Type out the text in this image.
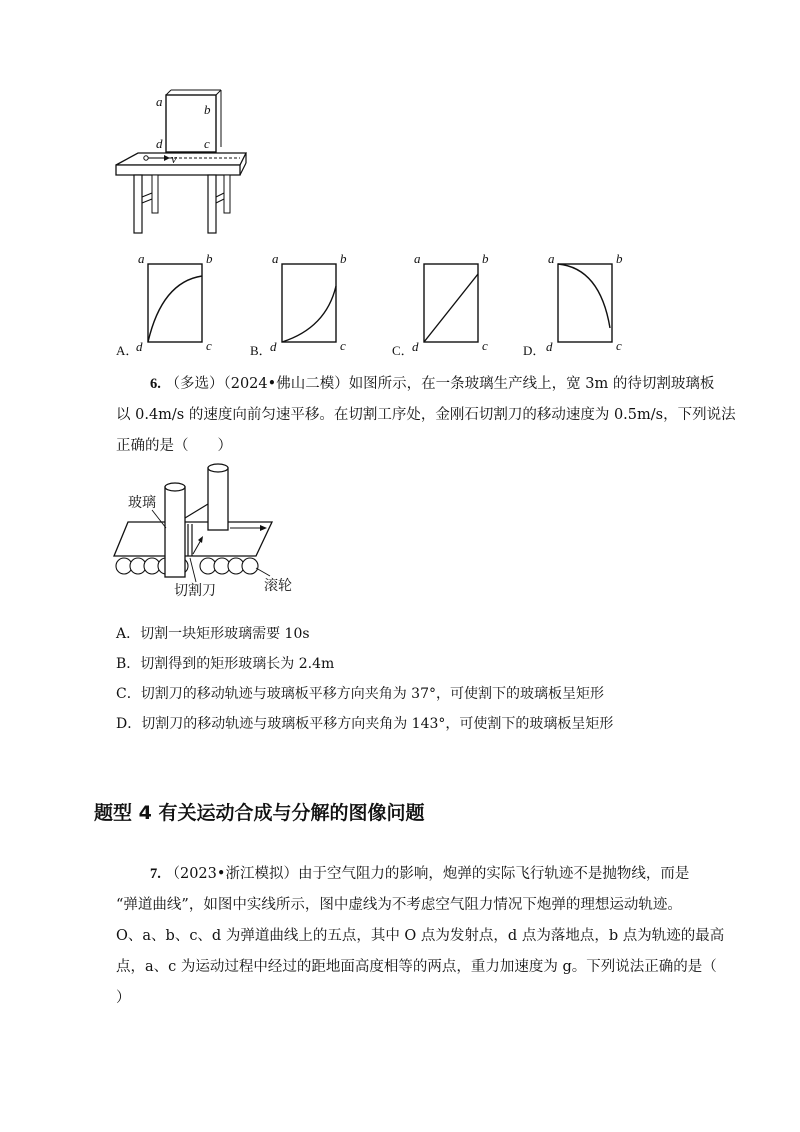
a
b
d	c
v
A．
a	b
c
d	B．
a	b
c
d	C．
a	b
c
d	D．
a	b
c
d
6. （多选）（2024•佛山二模）如图所示，在一条玻璃生产线上，宽 3m 的待切割玻璃板
以 0.4m/s 的速度向前匀速平移。在切割工序处，金刚石切割刀的移动速度为 0.5m/s，下列说法
正确的是（　　）
玻璃
切割刀	滚轮
A．切割一块矩形玻璃需要 10s
B．切割得到的矩形玻璃长为 2.4m
C．切割刀的移动轨迹与玻璃板平移方向夹角为 37°，可使割下的玻璃板呈矩形
D．切割刀的移动轨迹与玻璃板平移方向夹角为 143°，可使割下的玻璃板呈矩形
题型 4 有关运动合成与分解的图像问题
7. （2023•浙江模拟）由于空气阻力的影响，炮弹的实际飞行轨迹不是抛物线，而是
“弹道曲线”，如图中实线所示，图中虚线为不考虑空气阻力情况下炮弹的理想运动轨迹。
O、a、b、c、d 为弹道曲线上的五点，其中 O 点为发射点，d 点为落地点，b 点为轨迹的最高
点，a、c 为运动过程中经过的距地面高度相等的两点，重力加速度为 g。下列说法正确的是（
）
